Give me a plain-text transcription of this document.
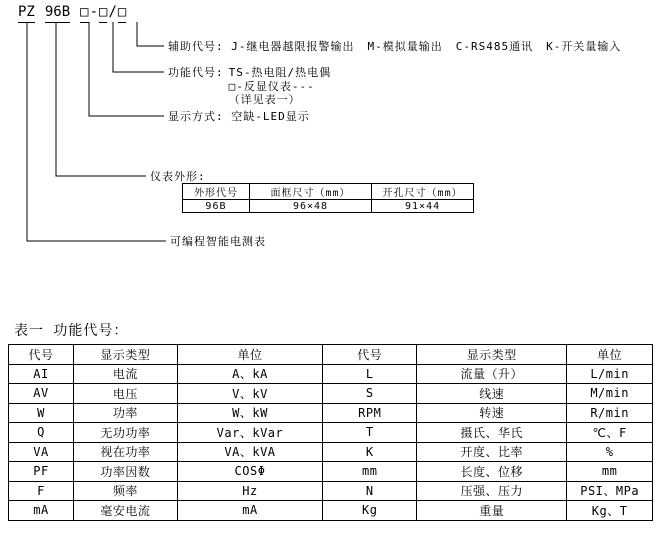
PZ 96B □-□/□
辅助代号: J-继电器越限报警输出 M-模拟量输出 C-RS485通讯 K-开关量输入
功能代号: TS-热电阻/热电偶
□-反显仪表---
（详见表一）
显示方式: 空缺-LED显示
仪表外形:
外形代号	面框尺寸（mm）	开孔尺寸（mm）
96B	96×48	91×44
可编程智能电测表
表一 功能代号：
代号	显示类型	单位	代号	显示类型	单位
AI	电流	A、kA	L	流量（升）	L/min
AV	电压	V、kV	S	线速	M/min
W	功率	W、kW	RPM	转速	R/min
Q	无功功率	Var、kVar	T	摄氏、华氏	℃、F
VA	视在功率	VA、kVA	K	开度、比率	%
PF	功率因数	COSΦ	mm	长度、位移	mm
F	频率	Hz	N	压强、压力	PSI、MPa
mA	毫安电流	mA	Kg	重量	Kg、T
